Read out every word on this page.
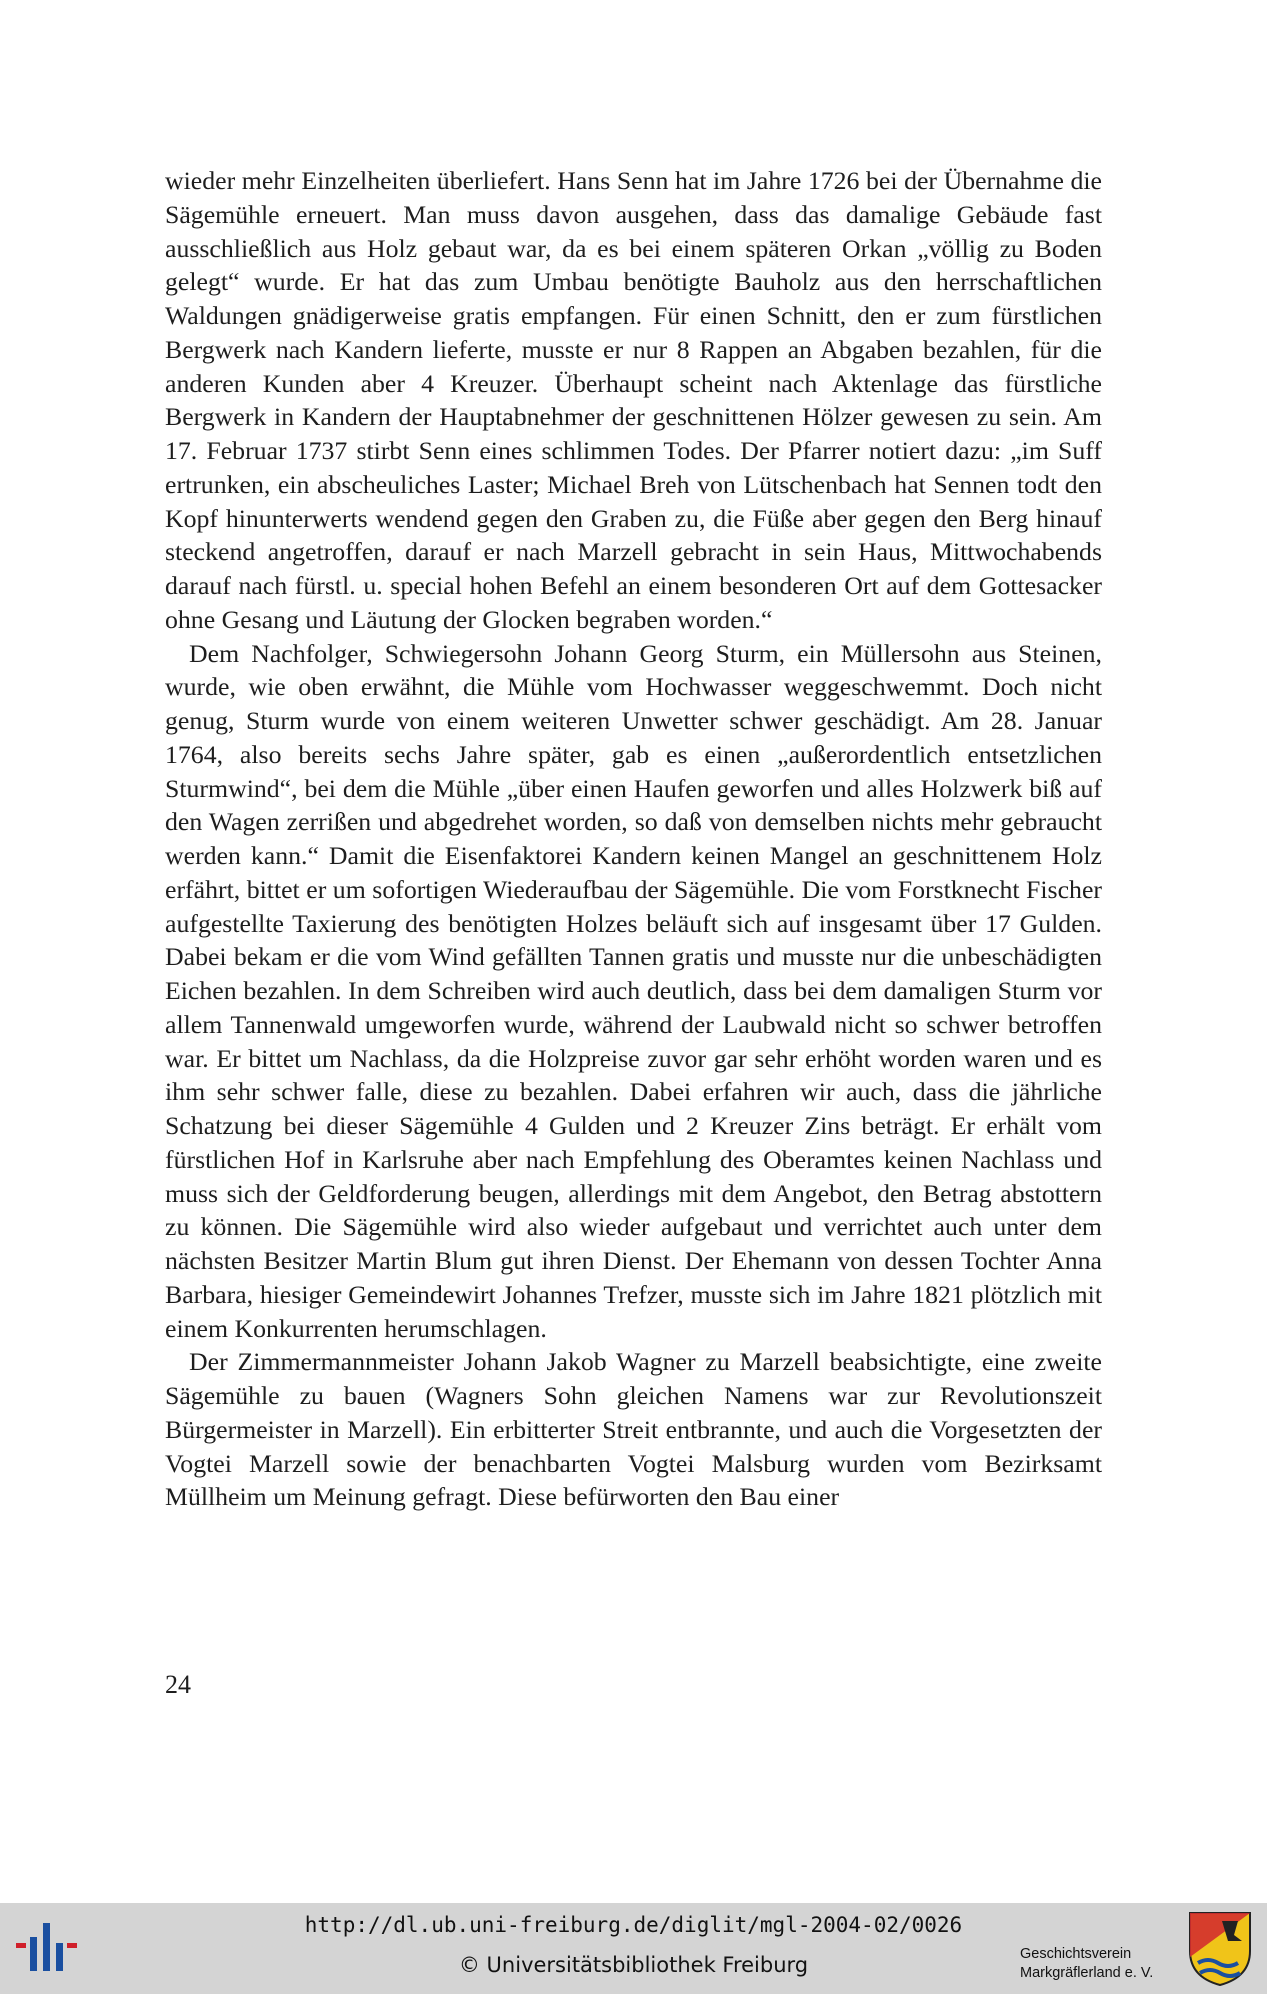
wieder mehr Einzelheiten überliefert. Hans Senn hat im Jahre 1726 bei der Übernahme die Sägemühle erneuert. Man muss davon ausgehen, dass das damalige Gebäude fast ausschließlich aus Holz gebaut war, da es bei einem späteren Orkan „völlig zu Boden gelegt“ wurde. Er hat das zum Umbau benötigte Bauholz aus den herrschaftlichen Waldungen gnädigerweise gratis empfangen. Für einen Schnitt, den er zum fürstlichen Bergwerk nach Kandern lieferte, musste er nur 8 Rappen an Abgaben bezahlen, für die anderen Kunden aber 4 Kreuzer. Überhaupt scheint nach Aktenlage das fürstliche Bergwerk in Kandern der Hauptabnehmer der geschnittenen Hölzer gewesen zu sein. Am 17. Februar 1737 stirbt Senn eines schlimmen Todes. Der Pfarrer notiert dazu: „im Suff ertrunken, ein abscheuliches Laster; Michael Breh von Lütschenbach hat Sennen todt den Kopf hinunterwerts wendend gegen den Graben zu, die Füße aber gegen den Berg hinauf steckend angetroffen, darauf er nach Marzell gebracht in sein Haus, Mittwochabends darauf nach fürstl. u. special hohen Befehl an einem besonderen Ort auf dem Gottesacker ohne Gesang und Läutung der Glocken begraben worden.“

Dem Nachfolger, Schwiegersohn Johann Georg Sturm, ein Müllersohn aus Steinen, wurde, wie oben erwähnt, die Mühle vom Hochwasser weggeschwemmt. Doch nicht genug, Sturm wurde von einem weiteren Unwetter schwer geschädigt. Am 28. Januar 1764, also bereits sechs Jahre später, gab es einen „außerordentlich entsetzlichen Sturmwind“, bei dem die Mühle „über einen Haufen geworfen und alles Holzwerk biß auf den Wagen zerrißen und abgedrehet worden, so daß von demselben nichts mehr gebraucht werden kann.“ Damit die Eisenfaktorei Kandern keinen Mangel an geschnittenem Holz erfährt, bittet er um sofortigen Wiederaufbau der Sägemühle. Die vom Forstknecht Fischer aufgestellte Taxierung des benötigten Holzes beläuft sich auf insgesamt über 17 Gulden. Dabei bekam er die vom Wind gefällten Tannen gratis und musste nur die unbeschädigten Eichen bezahlen. In dem Schreiben wird auch deutlich, dass bei dem damaligen Sturm vor allem Tannenwald umgeworfen wurde, während der Laubwald nicht so schwer betroffen war. Er bittet um Nachlass, da die Holzpreise zuvor gar sehr erhöht worden waren und es ihm sehr schwer falle, diese zu bezahlen. Dabei erfahren wir auch, dass die jährliche Schatzung bei dieser Sägemühle 4 Gulden und 2 Kreuzer Zins beträgt. Er erhält vom fürstlichen Hof in Karlsruhe aber nach Empfehlung des Oberamtes keinen Nachlass und muss sich der Geldforderung beugen, allerdings mit dem Angebot, den Betrag abstottern zu können. Die Sägemühle wird also wieder aufgebaut und verrichtet auch unter dem nächsten Besitzer Martin Blum gut ihren Dienst. Der Ehemann von dessen Tochter Anna Barbara, hiesiger Gemeindewirt Johannes Trefzer, musste sich im Jahre 1821 plötzlich mit einem Konkurrenten herumschlagen.

Der Zimmermannmeister Johann Jakob Wagner zu Marzell beabsichtigte, eine zweite Sägemühle zu bauen (Wagners Sohn gleichen Namens war zur Revolutionszeit Bürgermeister in Marzell). Ein erbitterter Streit entbrannte, und auch die Vorgesetzten der Vogtei Marzell sowie der benachbarten Vogtei Malsburg wurden vom Bezirksamt Müllheim um Meinung gefragt. Diese befürworten den Bau einer

24
http://dl.ub.uni-freiburg.de/diglit/mgl-2004-02/0026
© Universitätsbibliothek Freiburg	Geschichtsverein
Markgräflerland e. V.
